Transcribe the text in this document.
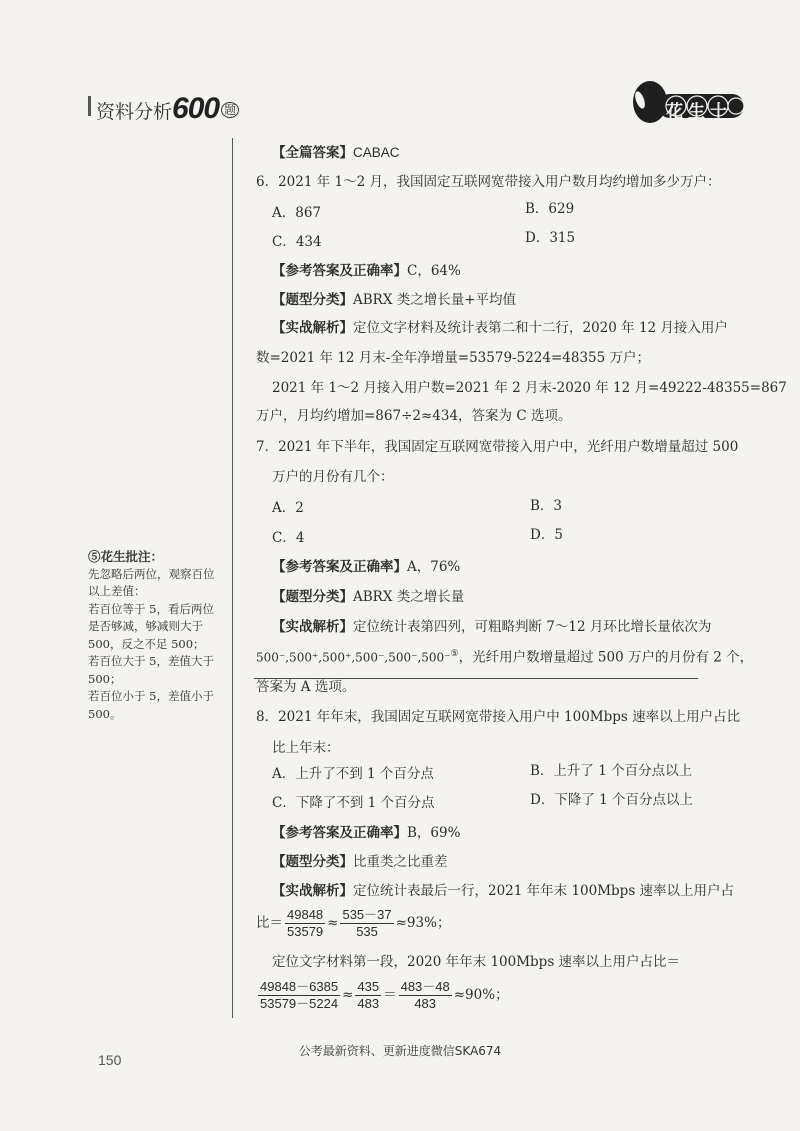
资料分析600 $^题$	花生十三
【全篇答案】CABAC
6．2021 年 1～2 月，我国固定互联网宽带接入用户数月均约增加多少万户：
A．867	B．629
C．434	D．315
【参考答案及正确率】C，64%
【题型分类】ABRX 类之增长量+平均值
【实战解析】定位文字材料及统计表第二和十二行，2020 年 12 月接入用户
数=2021 年 12 月末-全年净增量=53579-5224=48355 万户；
2021 年 1～2 月接入用户数=2021 年 2 月末-2020 年 12 月=49222-48355=867
万户，月均约增加=867÷2≈434，答案为 C 选项。
7．2021 年下半年，我国固定互联网宽带接入用户中，光纤用户数增量超过 500
万户的月份有几个：
A．2	B．3
C．4	D．5
【参考答案及正确率】A，76%
【题型分类】ABRX 类之增长量
【实战解析】定位统计表第四列，可粗略判断 7～12 月环比增长量依次为
500⁻,500⁺,500⁺,500⁻,500⁻,500⁻⑤，光纤用户数增量超过 500 万户的月份有 2 个，
答案为 A 选项。
⑤花生批注：
先忽略后两位，观察百位
以上差值：
若百位等于 5，看后两位
是否够减，够减则大于
500，反之不足 500；
若百位大于 5，差值大于
500；
若百位小于 5，差值小于
500。	8．2021 年年末，我国固定互联网宽带接入用户中 100Mbps 速率以上用户占比
比上年末：
A．上升了不到 1 个百分点	B．上升了 1 个百分点以上
C．下降了不到 1 个百分点	D．下降了 1 个百分点以上
【参考答案及正确率】B，69%
【题型分类】比重类之比重差
【实战解析】定位统计表最后一行，2021 年年末 100Mbps 速率以上用户占
比＝ $\frac{49848}{53579} \approx \frac{535-37}{535} \approx 93\%$；
定位文字材料第一段，2020 年年末 100Mbps 速率以上用户占比＝
$\frac{49848-6385}{53579-5224} \approx \frac{435}{483} = \frac{483-48}{483} \approx 90\%$；
公考最新资料、更新进度微信SKA674
150
